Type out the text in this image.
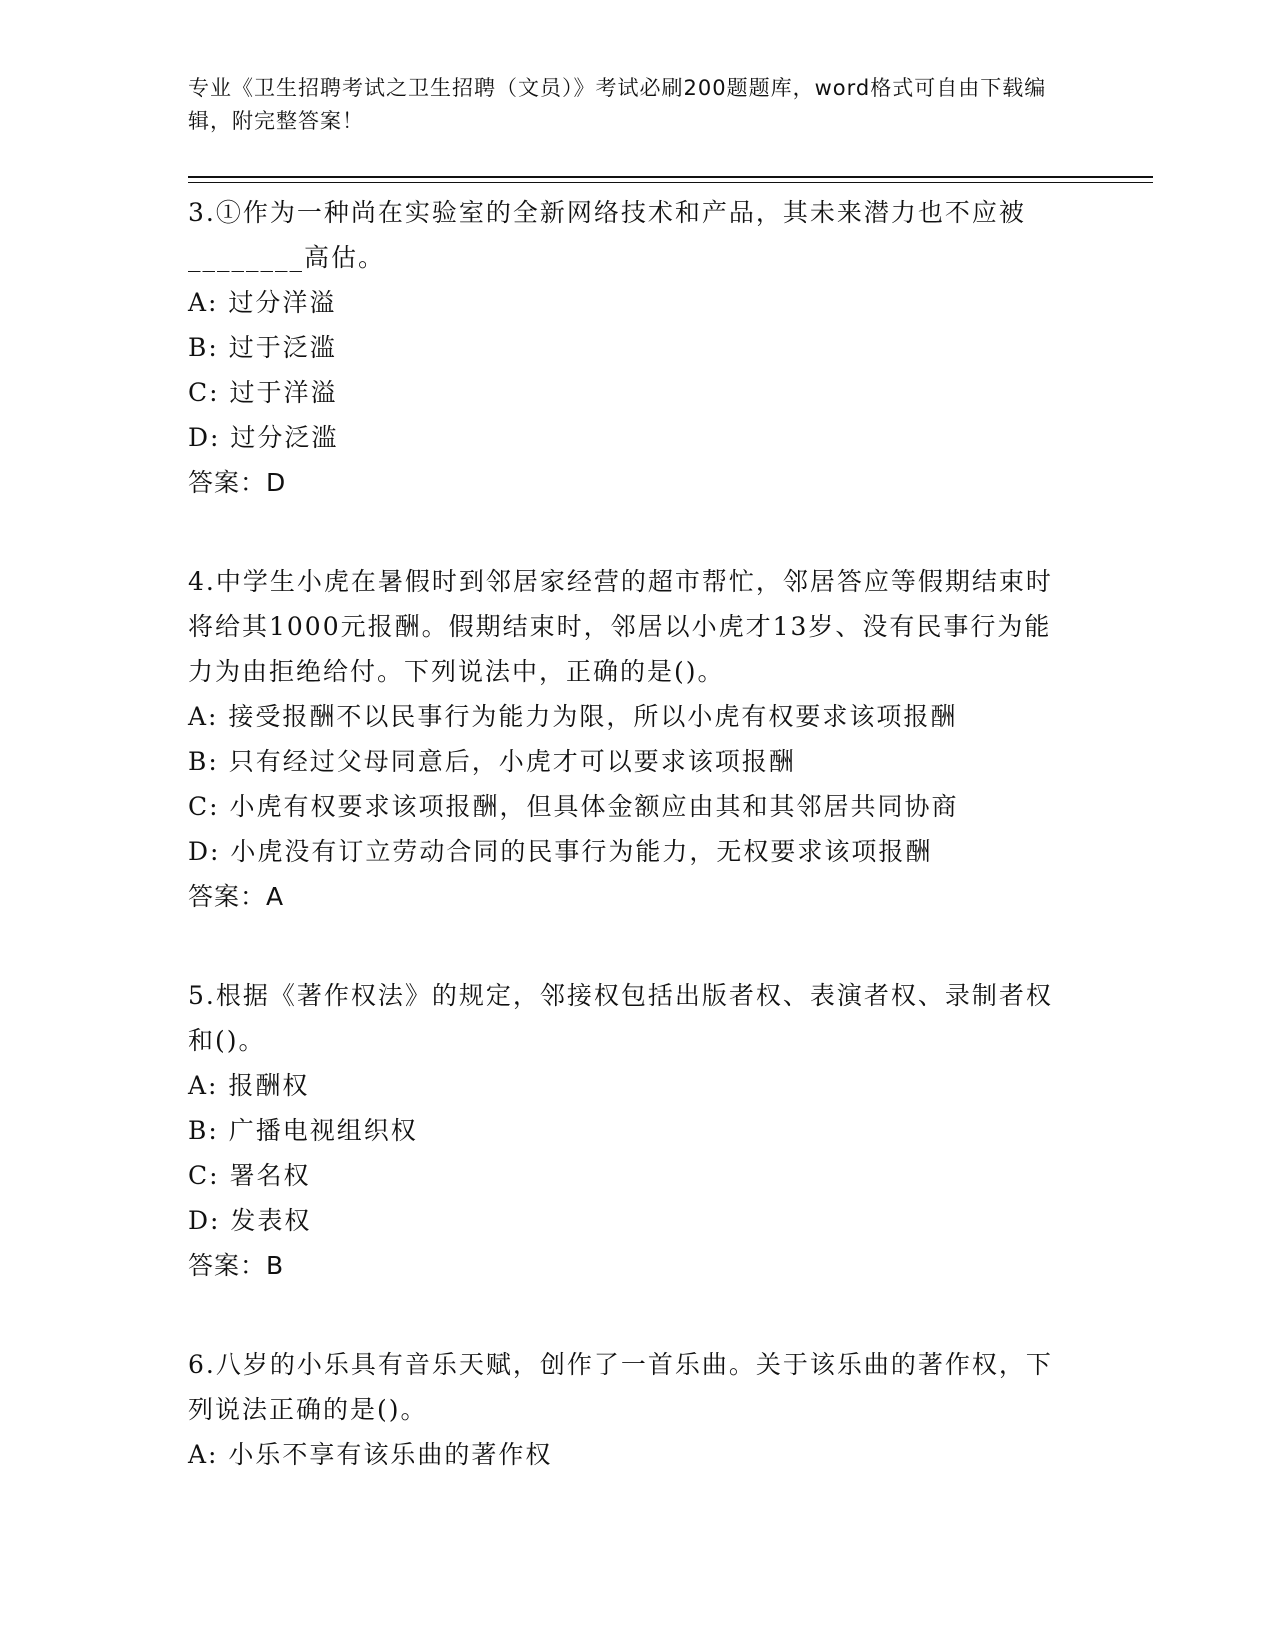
专业《卫生招聘考试之卫生招聘（文员）》考试必刷200题题库，word格式可自由下载编辑，附完整答案！
3.①作为一种尚在实验室的全新网络技术和产品，其未来潜力也不应被________高估。
A: 过分洋溢
B: 过于泛滥
C: 过于洋溢
D: 过分泛滥
答案：D
4.中学生小虎在暑假时到邻居家经营的超市帮忙，邻居答应等假期结束时将给其1000元报酬。假期结束时，邻居以小虎才13岁、没有民事行为能力为由拒绝给付。下列说法中，正确的是()。
A: 接受报酬不以民事行为能力为限，所以小虎有权要求该项报酬
B: 只有经过父母同意后，小虎才可以要求该项报酬
C: 小虎有权要求该项报酬，但具体金额应由其和其邻居共同协商
D: 小虎没有订立劳动合同的民事行为能力，无权要求该项报酬
答案：A
5.根据《著作权法》的规定，邻接权包括出版者权、表演者权、录制者权和()。
A: 报酬权
B: 广播电视组织权
C: 署名权
D: 发表权
答案：B
6.八岁的小乐具有音乐天赋，创作了一首乐曲。关于该乐曲的著作权，下列说法正确的是()。
A: 小乐不享有该乐曲的著作权
